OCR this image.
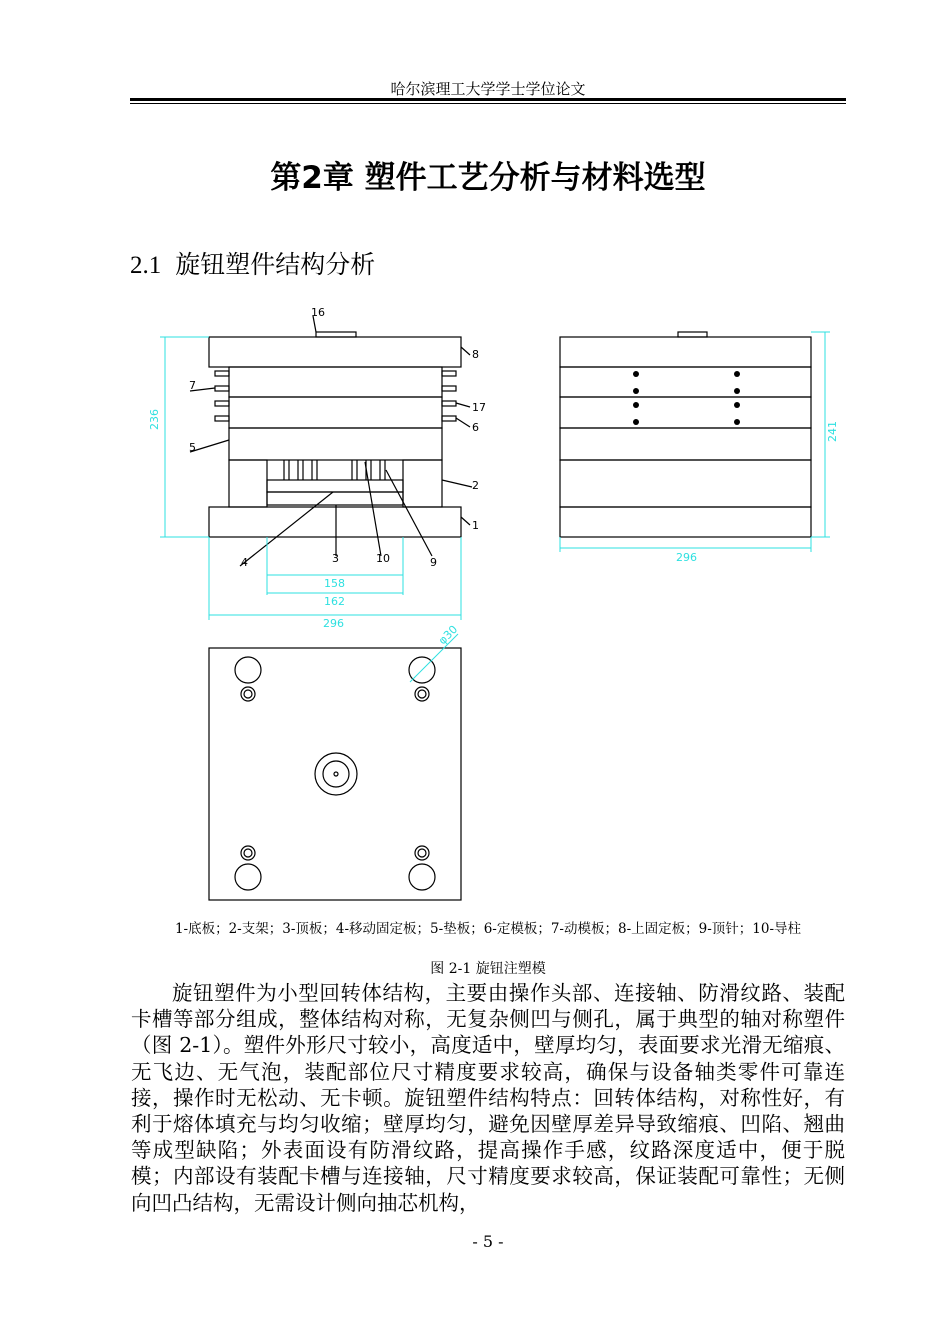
哈尔滨理工大学学士学位论文
第2章 塑件工艺分析与材料选型
2.1 旋钮塑件结构分析
16
8
7
17
6
5
2
1
4	3	10	9
236
296
158
162
241
296
φ30
1-底板；2-支架；3-顶板；4-移动固定板；5-垫板；6-定模板；7-动模板；8-上固定板；9-顶针；10-导柱
图 2-1 旋钮注塑模

旋钮塑件为小型回转体结构，主要由操作头部、连接轴、防滑纹路、装配卡槽等部分组成，整体结构对称，无复杂侧凹与侧孔，属于典型的轴对称塑件（图 2-1）。塑件外形尺寸较小，高度适中，壁厚均匀，表面要求光滑无缩痕、无飞边、无气泡，装配部位尺寸精度要求较高，确保与设备轴类零件可靠连接，操作时无松动、无卡顿。旋钮塑件结构特点：回转体结构，对称性好，有利于熔体填充与均匀收缩；壁厚均匀，避免因壁厚差异导致缩痕、凹陷、翘曲等成型缺陷；外表面设有防滑纹路，提高操作手感，纹路深度适中，便于脱模；内部设有装配卡槽与连接轴，尺寸精度要求较高，保证装配可靠性；无侧向凹凸结构，无需设计侧向抽芯机构，

- 5 -
